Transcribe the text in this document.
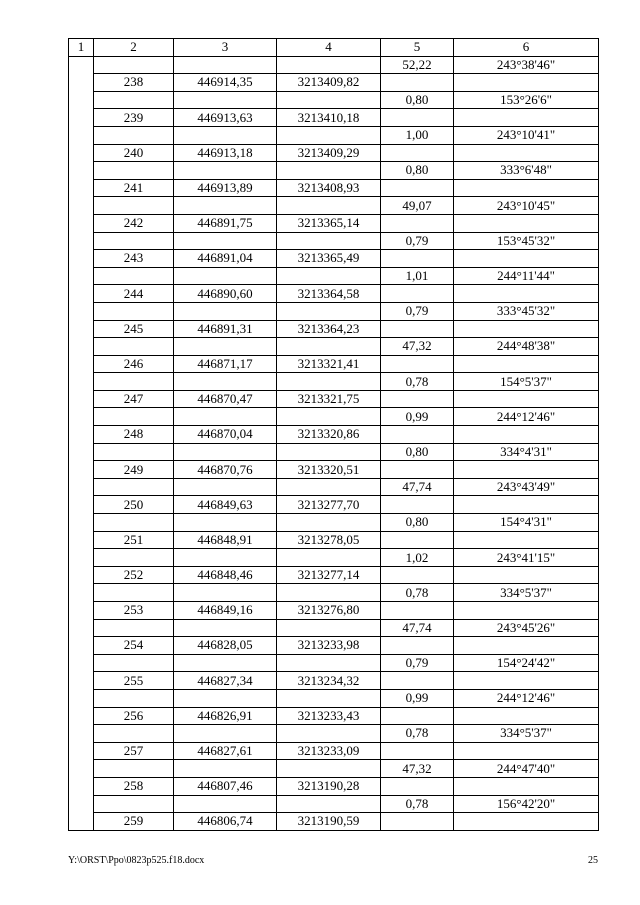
1	2	3	4	5	6
				52,22	243°38'46"
	238	446914,35	3213409,82		
				0,80	153°26'6"
	239	446913,63	3213410,18		
				1,00	243°10'41"
	240	446913,18	3213409,29		
				0,80	333°6'48"
	241	446913,89	3213408,93		
				49,07	243°10'45"
	242	446891,75	3213365,14		
				0,79	153°45'32"
	243	446891,04	3213365,49		
				1,01	244°11'44"
	244	446890,60	3213364,58		
				0,79	333°45'32"
	245	446891,31	3213364,23		
				47,32	244°48'38"
	246	446871,17	3213321,41		
				0,78	154°5'37"
	247	446870,47	3213321,75		
				0,99	244°12'46"
	248	446870,04	3213320,86		
				0,80	334°4'31"
	249	446870,76	3213320,51		
				47,74	243°43'49"
	250	446849,63	3213277,70		
				0,80	154°4'31"
	251	446848,91	3213278,05		
				1,02	243°41'15"
	252	446848,46	3213277,14		
				0,78	334°5'37"
	253	446849,16	3213276,80		
				47,74	243°45'26"
	254	446828,05	3213233,98		
				0,79	154°24'42"
	255	446827,34	3213234,32		
				0,99	244°12'46"
	256	446826,91	3213233,43		
				0,78	334°5'37"
	257	446827,61	3213233,09		
				47,32	244°47'40"
	258	446807,46	3213190,28		
				0,78	156°42'20"
	259	446806,74	3213190,59		
Y:\ORST\Ppo\0823p525.f18.docx	25
